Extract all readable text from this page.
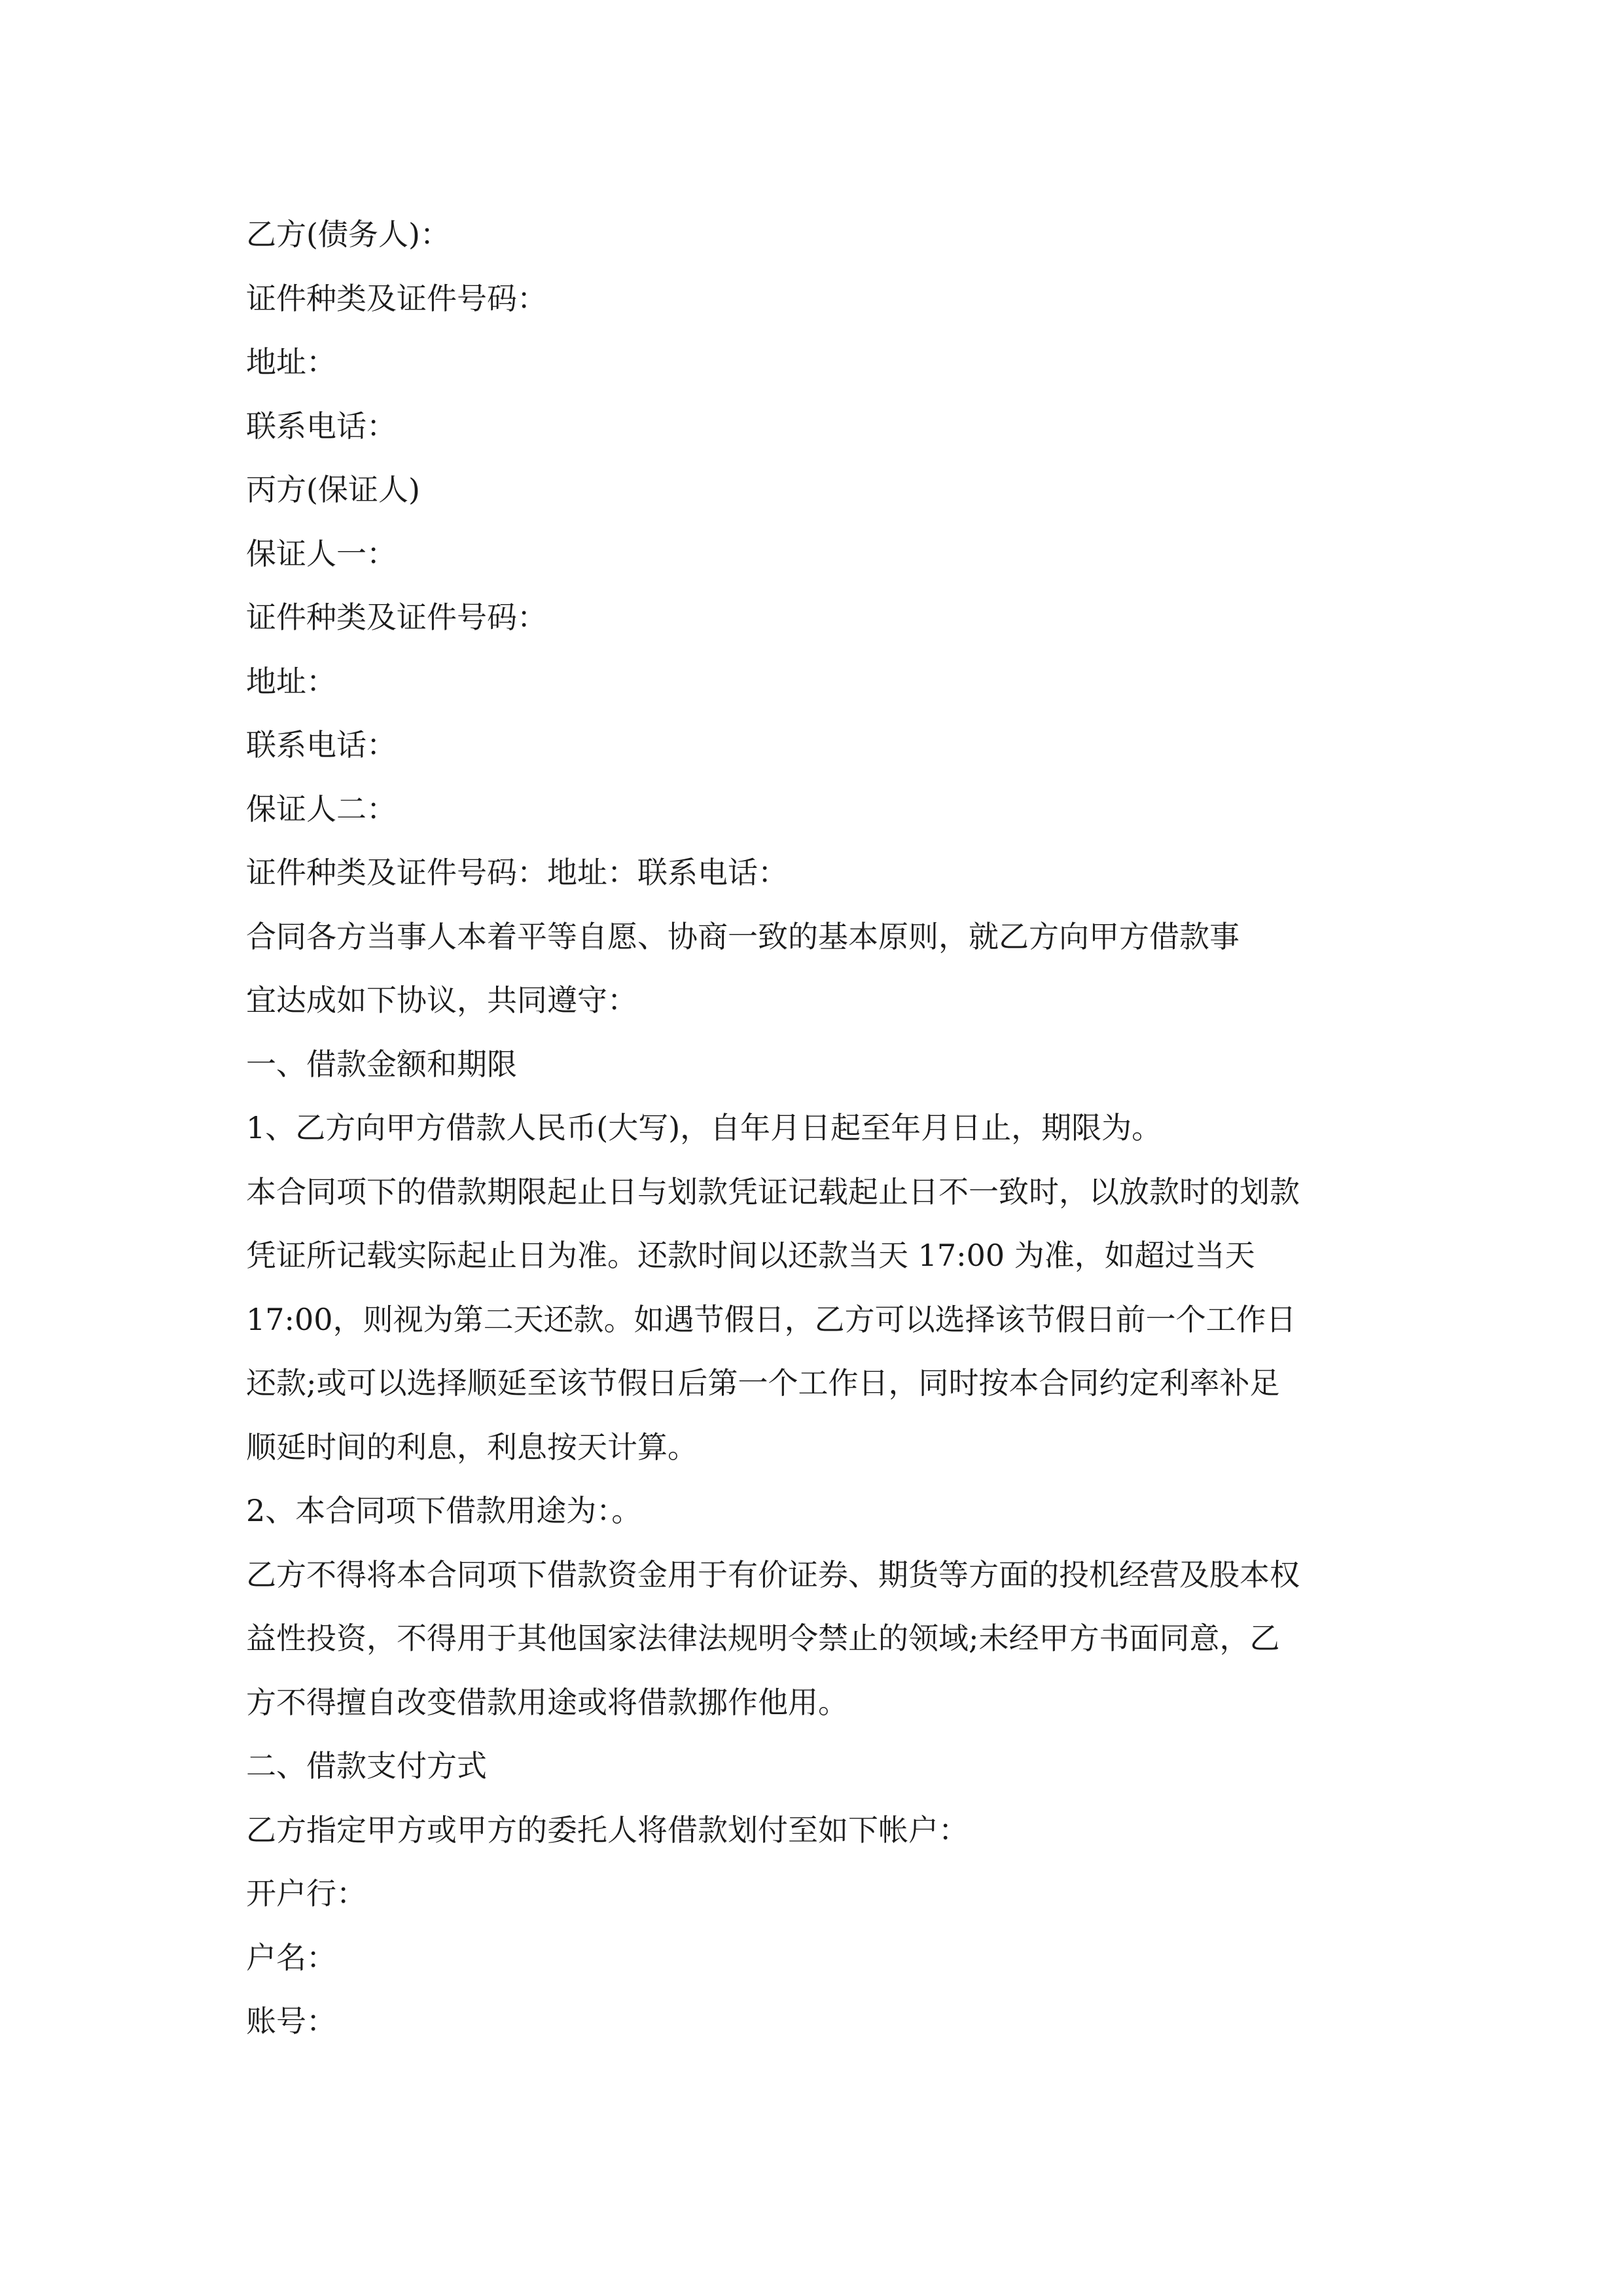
乙方(债务人)：

证件种类及证件号码：

地址：

联系电话：

丙方(保证人)

保证人一：

证件种类及证件号码：

地址：

联系电话：

保证人二：

证件种类及证件号码：地址：联系电话：

合同各方当事人本着平等自愿、协商一致的基本原则，就乙方向甲方借款事

宜达成如下协议，共同遵守：

一、借款金额和期限

1、乙方向甲方借款人民币(大写)，自年月日起至年月日止，期限为。

本合同项下的借款期限起止日与划款凭证记载起止日不一致时，以放款时的划款

凭证所记载实际起止日为准。还款时间以还款当天 17:00 为准，如超过当天

17:00，则视为第二天还款。如遇节假日，乙方可以选择该节假日前一个工作日

还款;或可以选择顺延至该节假日后第一个工作日，同时按本合同约定利率补足

顺延时间的利息，利息按天计算。

2、本合同项下借款用途为：。

乙方不得将本合同项下借款资金用于有价证券、期货等方面的投机经营及股本权

益性投资，不得用于其他国家法律法规明令禁止的领域;未经甲方书面同意，乙

方不得擅自改变借款用途或将借款挪作他用。

二、借款支付方式

乙方指定甲方或甲方的委托人将借款划付至如下帐户：

开户行：

户名：

账号：
